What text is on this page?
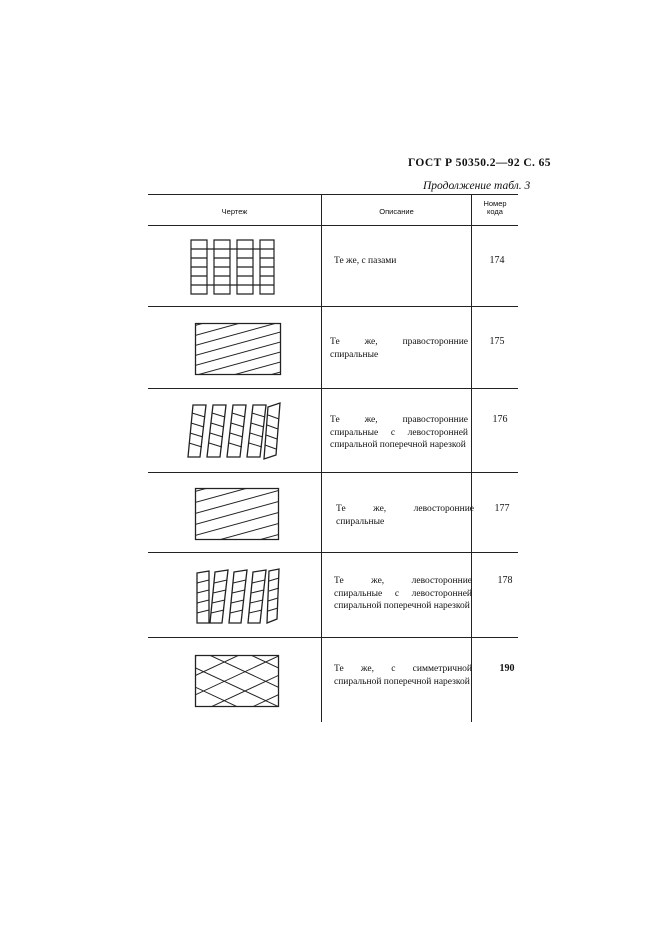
ГОСТ Р 50350.2—92 С. 65
Продолжение табл. 3
Чертеж	Описание
Номер кода
Те же, с пазами	174
Те же, правосторонние спиральные
175
Те же, правосторонние спиральные с левосторонней спиральной поперечной нарезкой
176
Те же, левосторонние спиральные
177
Те же, левосторонние спиральные с левосторонней спиральной поперечной нарезкой
178
Те же, с симметричной спиральной поперечной нарезкой
190
